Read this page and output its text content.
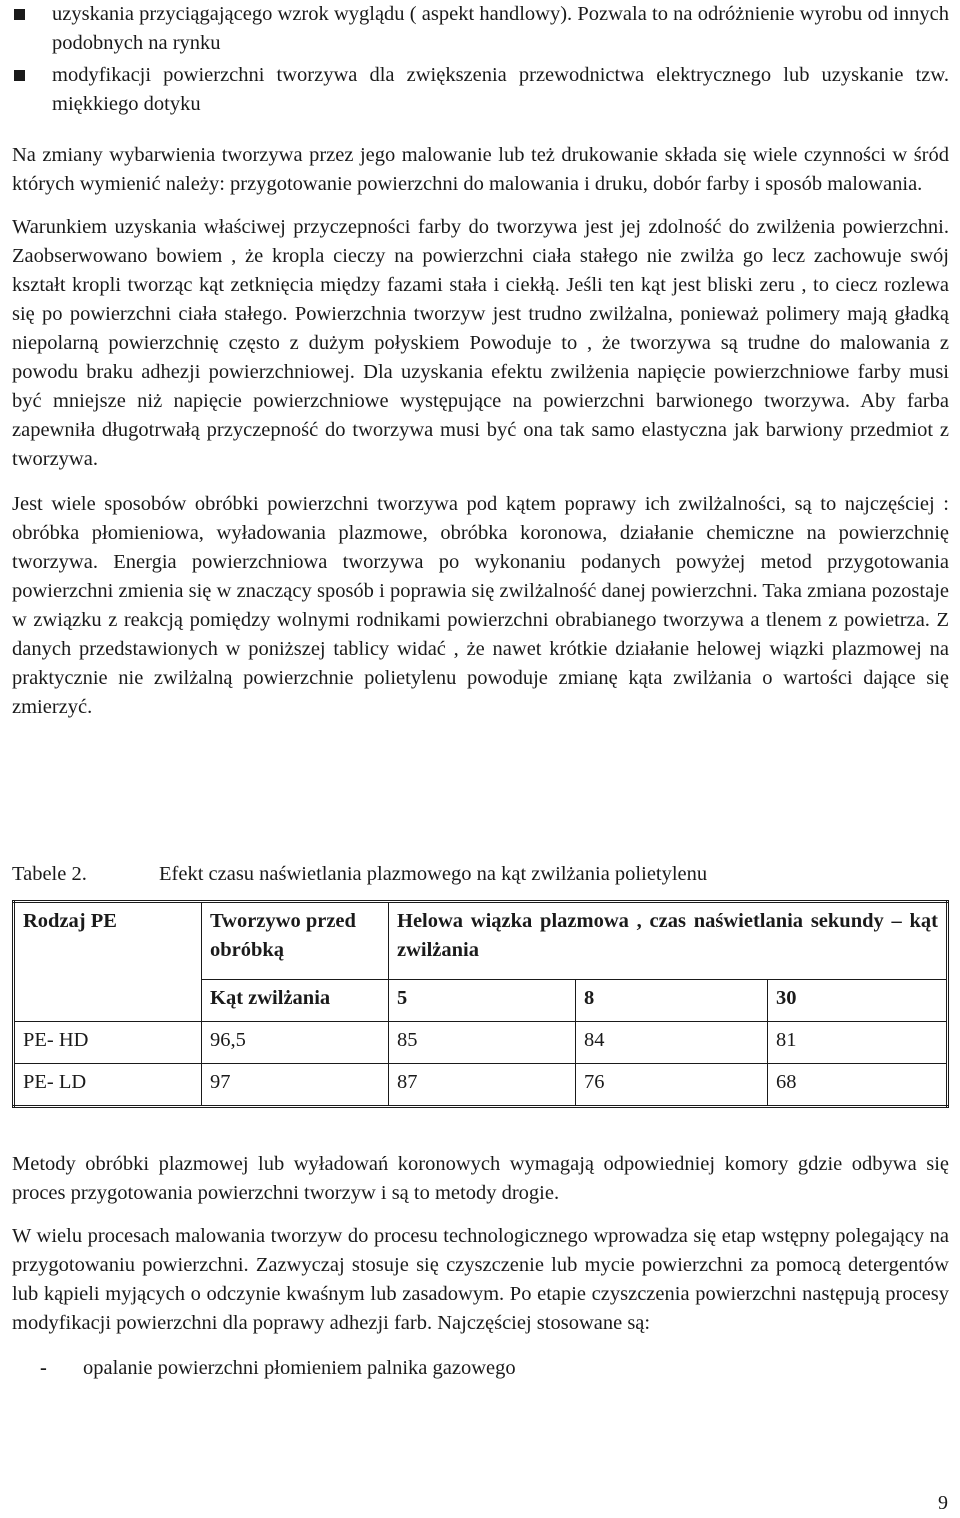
uzyskania przyciągającego wzrok wyglądu ( aspekt handlowy). Pozwala to na odróżnienie wyrobu od innych podobnych na rynku
modyfikacji powierzchni tworzywa dla zwiększenia przewodnictwa elektrycznego lub uzyskanie tzw. miękkiego dotyku

Na zmiany wybarwienia tworzywa przez jego malowanie lub też drukowanie składa się wiele czynności w śród których wymienić należy: przygotowanie powierzchni do malowania i druku, dobór farby i sposób malowania.

Warunkiem uzyskania właściwej przyczepności farby do tworzywa jest jej zdolność do zwilżenia powierzchni. Zaobserwowano bowiem , że kropla cieczy na powierzchni ciała stałego nie zwilża go lecz zachowuje swój kształt kropli tworząc kąt zetknięcia między fazami stała i ciekłą. Jeśli ten kąt jest bliski zeru , to ciecz rozlewa się po powierzchni ciała stałego. Powierzchnia tworzyw jest trudno zwilżalna, ponieważ polimery mają gładką niepolarną powierzchnię często z dużym połyskiem Powoduje to , że tworzywa są trudne do malowania z powodu braku adhezji powierzchniowej. Dla uzyskania efektu zwilżenia napięcie powierzchniowe farby musi być mniejsze niż napięcie powierzchniowe występujące na powierzchni barwionego tworzywa. Aby farba zapewniła długotrwałą przyczepność do tworzywa musi być ona tak samo elastyczna jak barwiony przedmiot z tworzywa.

Jest wiele sposobów obróbki powierzchni tworzywa pod kątem poprawy ich zwilżalności, są to najczęściej : obróbka płomieniowa, wyładowania plazmowe, obróbka koronowa, działanie chemiczne na powierzchnię tworzywa. Energia powierzchniowa tworzywa po wykonaniu podanych powyżej metod przygotowania powierzchni zmienia się w znaczący sposób i poprawia się zwilżalność danej powierzchni. Taka zmiana pozostaje w związku z reakcją pomiędzy wolnymi rodnikami powierzchni obrabianego tworzywa a tlenem z powietrza. Z danych przedstawionych w poniższej tablicy widać , że nawet krótkie działanie helowej wiązki plazmowej na praktycznie nie zwilżalną powierzchnie polietylenu powoduje zmianę kąta zwilżania o wartości dające się zmierzyć.

Tabele 2.	Efekt czasu naświetlania plazmowego na kąt zwilżania polietylenu
Rodzaj PE	Tworzywo przed obróbką	Helowa wiązka plazmowa , czas naświetlania sekundy – kąt zwilżania		
	Kąt zwilżania	5	8	30
PE- HD	96,5	85	84	81
PE- LD	97	87	76	68

Metody obróbki plazmowej lub wyładowań koronowych wymagają odpowiedniej komory gdzie odbywa się proces przygotowania powierzchni tworzyw i są to metody drogie.

W wielu procesach malowania tworzyw do procesu technologicznego wprowadza się etap wstępny polegający na przygotowaniu powierzchni. Zazwyczaj stosuje się czyszczenie lub mycie powierzchni za pomocą detergentów lub kąpieli myjących o odczynie kwaśnym lub zasadowym. Po etapie czyszczenia powierzchni następują procesy modyfikacji powierzchni dla poprawy adhezji farb. Najczęściej stosowane są:

- opalanie powierzchni płomieniem palnika gazowego
9
